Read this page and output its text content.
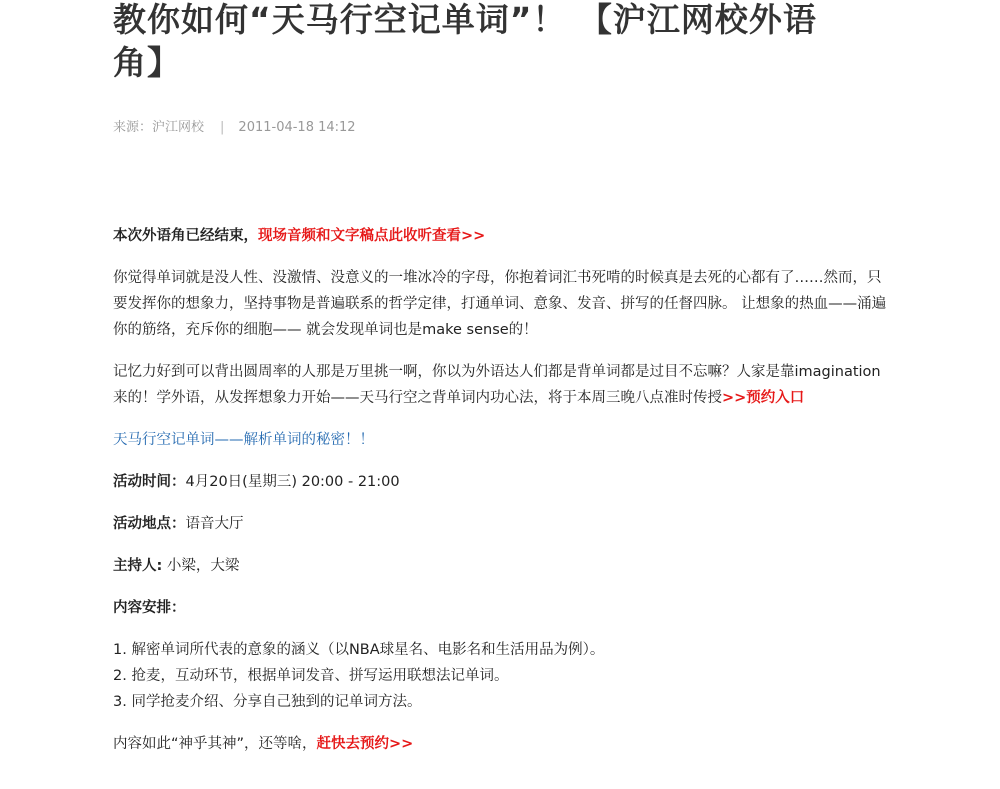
教你如何“天马行空记单词”！ 【沪江网校外语角】
来源：沪江网校 | 2011-04-18 14:12

本次外语角已经结束，现场音频和文字稿点此收听查看>>

你觉得单词就是没人性、没激情、没意义的一堆冰冷的字母，你抱着词汇书死啃的时候真是去死的心都有了……然而，只要发挥你的想象力，坚持事物是普遍联系的哲学定律，打通单词、意象、发音、拼写的任督四脉。 让想象的热血——涌遍你的筋络，充斥你的细胞—— 就会发现单词也是make sense的！

记忆力好到可以背出圆周率的人那是万里挑一啊，你以为外语达人们都是背单词都是过目不忘嘛？人家是靠imagination来的！学外语，从发挥想象力开始——天马行空之背单词内功心法，将于本周三晚八点准时传授>>预约入口

天马行空记单词——解析单词的秘密！！

活动时间：4月20日(星期三) 20:00 - 21:00

活动地点：语音大厅

主持人: 小梁，大梁

内容安排：

1. 解密单词所代表的意象的涵义（以NBA球星名、电影名和生活用品为例）。
2. 抢麦，互动环节，根据单词发音、拼写运用联想法记单词。
3. 同学抢麦介绍、分享自己独到的记单词方法。

内容如此“神乎其神”，还等啥，赶快去预约>>
